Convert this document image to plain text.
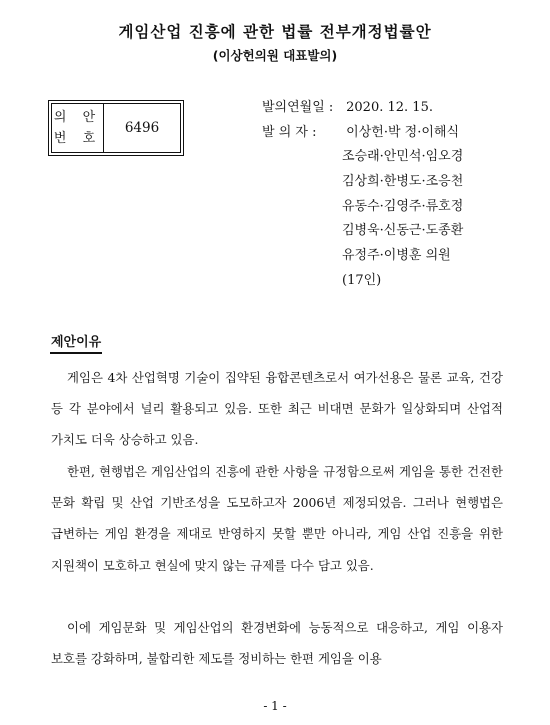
게임산업 진흥에 관한 법률 전부개정법률안
(이상헌의원 대표발의)
의 안
번 호
6496
발의연월일 : 2020. 12. 15.
발 의 자 : 이상헌·박 정·이해식
조승래·안민석·임오경
김상희·한병도·조응천
유동수·김영주·류호정
김병욱·신동근·도종환
유정주·이병훈 의원
(17인)
제안이유

게임은 4차 산업혁명 기술이 집약된 융합콘텐츠로서 여가선용은 물론 교육, 건강 등 각 분야에서 널리 활용되고 있음. 또한 최근 비대면 문화가 일상화되며 산업적 가치도 더욱 상승하고 있음.

한편, 현행법은 게임산업의 진흥에 관한 사항을 규정함으로써 게임을 통한 건전한 문화 확립 및 산업 기반조성을 도모하고자 2006년 제정되었음. 그러나 현행법은 급변하는 게임 환경을 제대로 반영하지 못할 뿐만 아니라, 게임 산업 진흥을 위한 지원책이 모호하고 현실에 맞지 않는 규제를 다수 담고 있음.

이에 게임문화 및 게임산업의 환경변화에 능동적으로 대응하고, 게임 이용자 보호를 강화하며, 불합리한 제도를 정비하는 한편 게임을 이용

- 1 -
